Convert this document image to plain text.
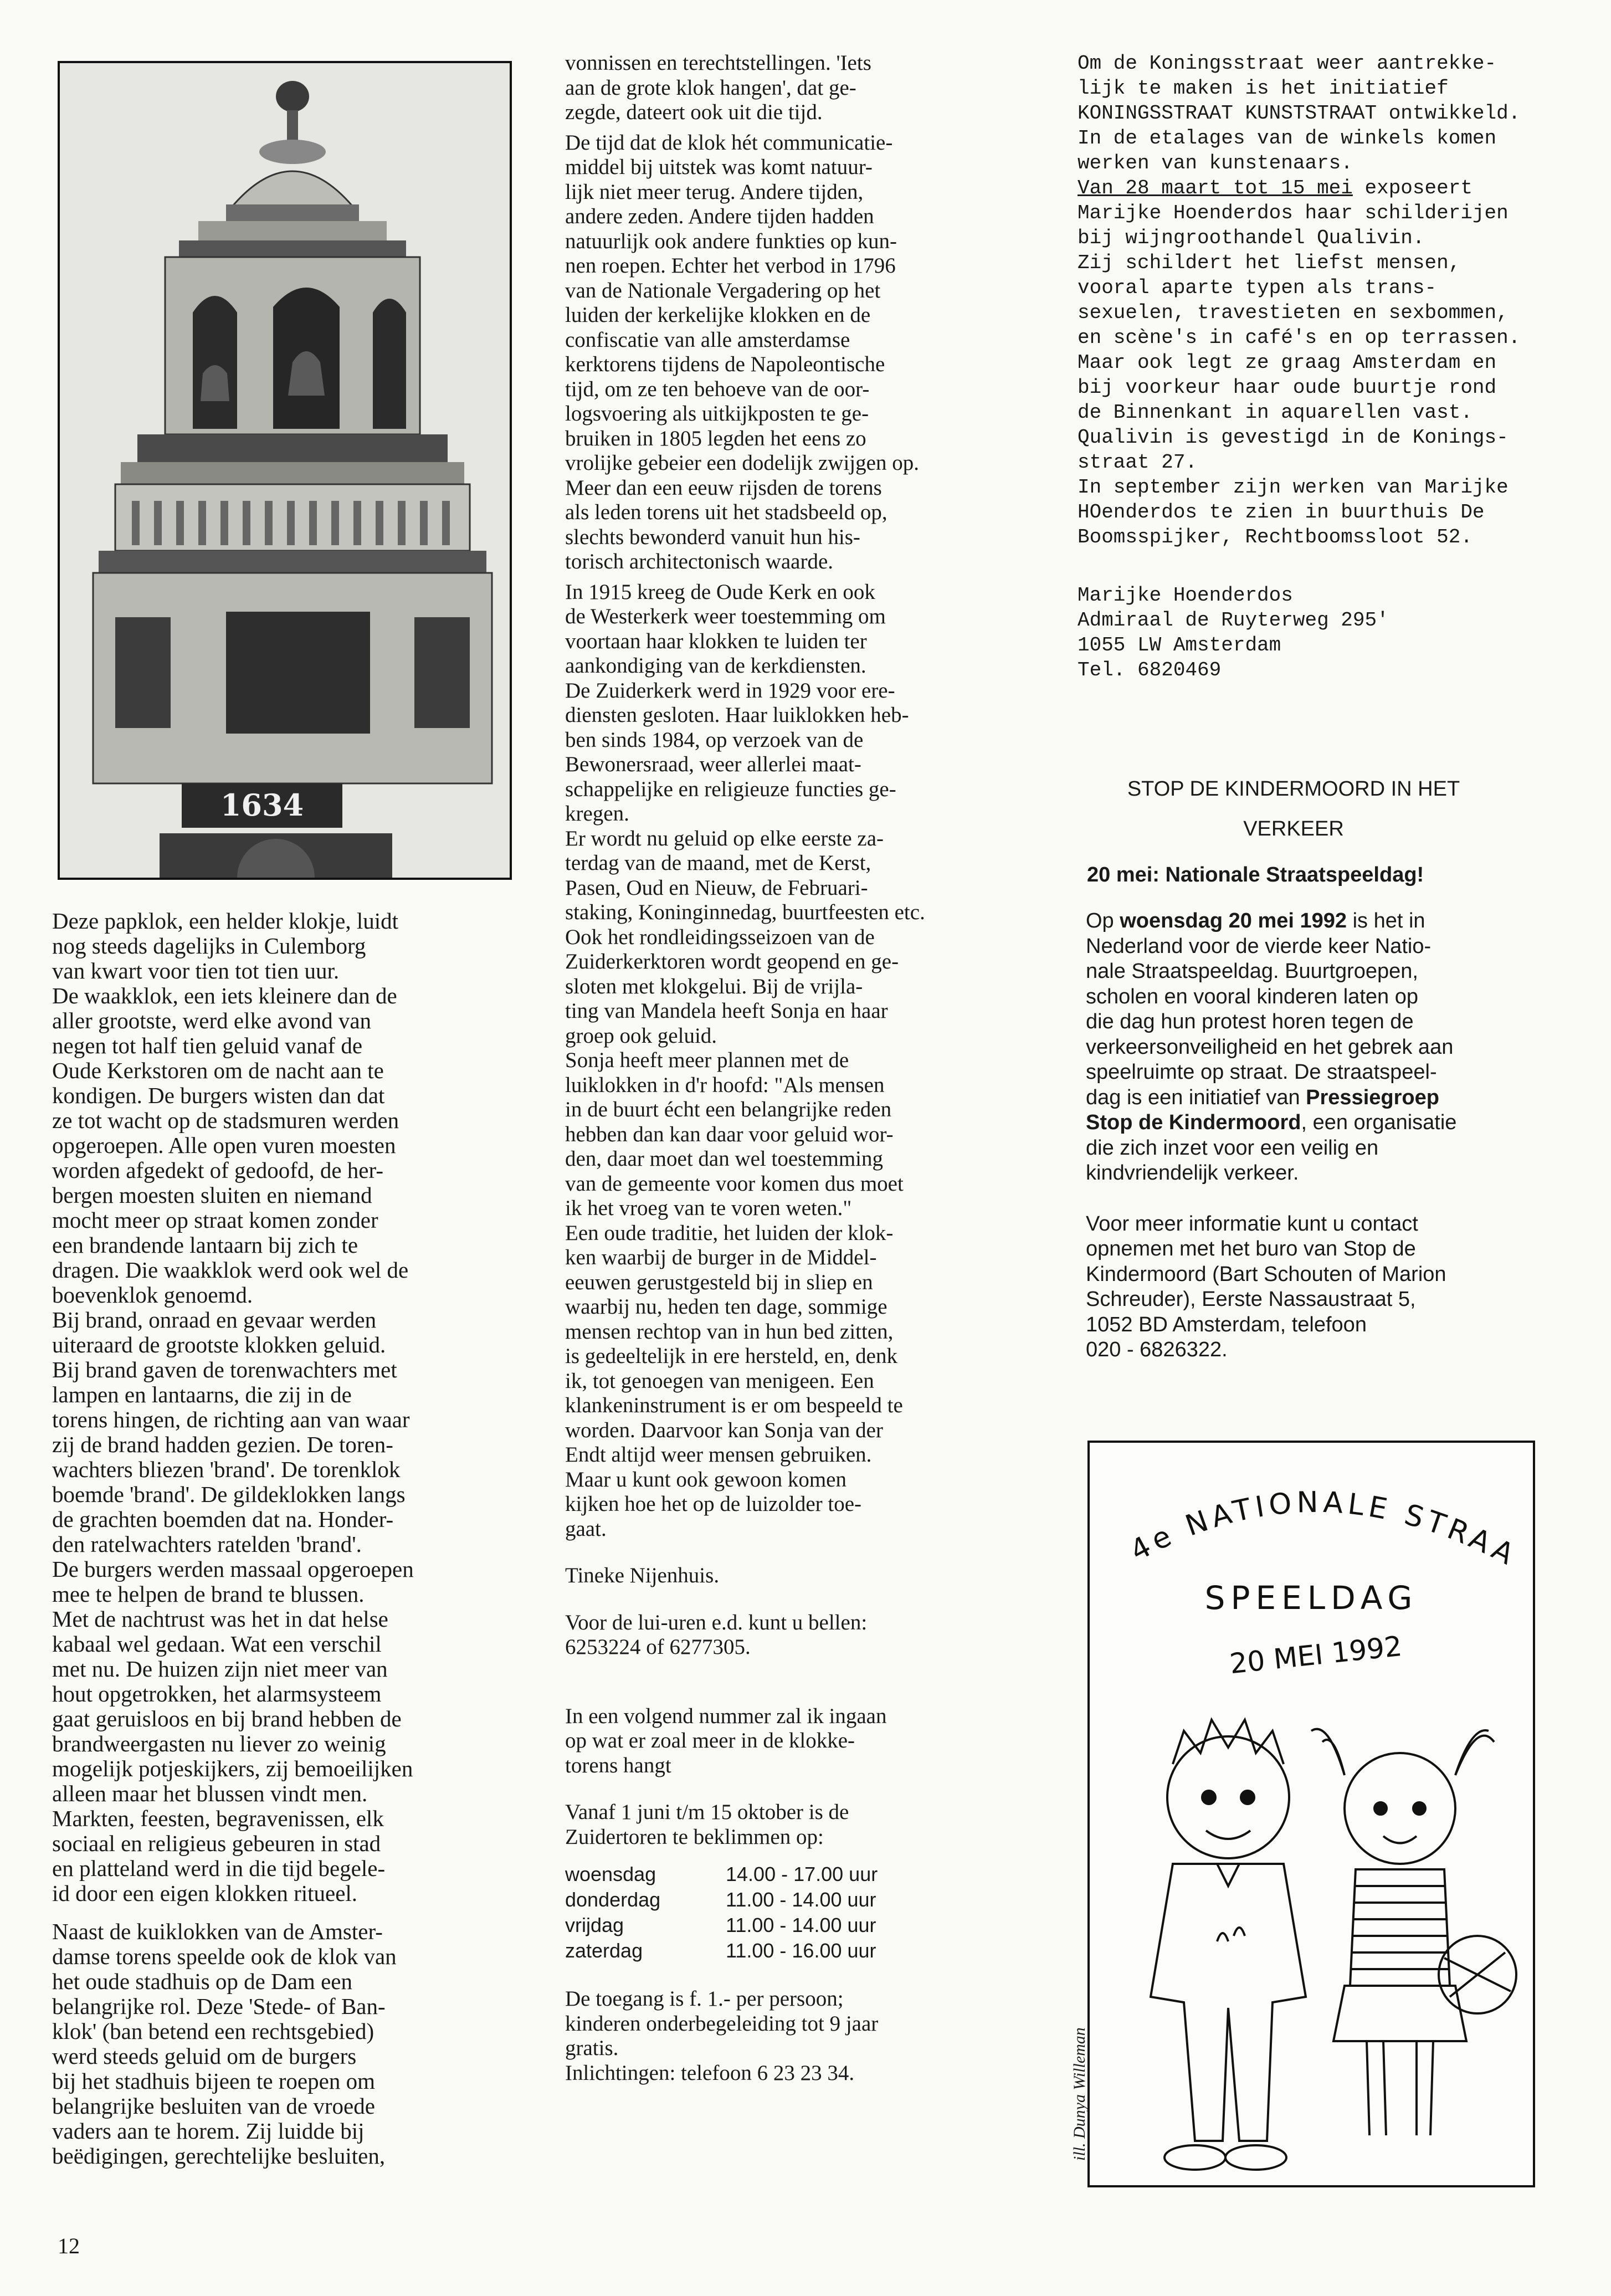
1634

Deze papklok, een helder klokje, luidt
nog steeds dagelijks in Culemborg
van kwart voor tien tot tien uur.
De waakklok, een iets kleinere dan de
aller grootste, werd elke avond van
negen tot half tien geluid vanaf de
Oude Kerkstoren om de nacht aan te
kondigen. De burgers wisten dan dat
ze tot wacht op de stadsmuren werden
opgeroepen. Alle open vuren moesten
worden afgedekt of gedoofd, de her-
bergen moesten sluiten en niemand
mocht meer op straat komen zonder
een brandende lantaarn bij zich te
dragen. Die waakklok werd ook wel de
boevenklok genoemd.
Bij brand, onraad en gevaar werden
uiteraard de grootste klokken geluid.
Bij brand gaven de torenwachters met
lampen en lantaarns, die zij in de
torens hingen, de richting aan van waar
zij de brand hadden gezien. De toren-
wachters bliezen 'brand'. De torenklok
boemde 'brand'. De gildeklokken langs
de grachten boemden dat na. Honder-
den ratelwachters ratelden 'brand'.
De burgers werden massaal opgeroepen
mee te helpen de brand te blussen.
Met de nachtrust was het in dat helse
kabaal wel gedaan. Wat een verschil
met nu. De huizen zijn niet meer van
hout opgetrokken, het alarmsysteem
gaat geruisloos en bij brand hebben de
brandweergasten nu liever zo weinig
mogelijk potjeskijkers, zij bemoeilijken
alleen maar het blussen vindt men.
Markten, feesten, begravenissen, elk
sociaal en religieus gebeuren in stad
en platteland werd in die tijd begele-
id door een eigen klokken ritueel.

Naast de kuiklokken van de Amster-
damse torens speelde ook de klok van
het oude stadhuis op de Dam een
belangrijke rol. Deze 'Stede- of Ban-
klok' (ban betend een rechtsgebied)
werd steeds geluid om de burgers
bij het stadhuis bijeen te roepen om
belangrijke besluiten van de vroede
vaders aan te horem. Zij luidde bij
beëdigingen, gerechtelijke besluiten,

vonnissen en terechtstellingen. 'Iets
aan de grote klok hangen', dat ge-
zegde, dateert ook uit die tijd.

De tijd dat de klok hét communicatie-
middel bij uitstek was komt natuur-
lijk niet meer terug. Andere tijden,
andere zeden. Andere tijden hadden
natuurlijk ook andere funkties op kun-
nen roepen. Echter het verbod in 1796
van de Nationale Vergadering op het
luiden der kerkelijke klokken en de
confiscatie van alle amsterdamse
kerktorens tijdens de Napoleontische
tijd, om ze ten behoeve van de oor-
logsvoering als uitkijkposten te ge-
bruiken in 1805 legden het eens zo
vrolijke gebeier een dodelijk zwijgen op.
Meer dan een eeuw rijsden de torens
als leden torens uit het stadsbeeld op,
slechts bewonderd vanuit hun his-
torisch architectonisch waarde.

In 1915 kreeg de Oude Kerk en ook
de Westerkerk weer toestemming om
voortaan haar klokken te luiden ter
aankondiging van de kerkdiensten.
De Zuiderkerk werd in 1929 voor ere-
diensten gesloten. Haar luiklokken heb-
ben sinds 1984, op verzoek van de
Bewonersraad, weer allerlei maat-
schappelijke en religieuze functies ge-
kregen.
Er wordt nu geluid op elke eerste za-
terdag van de maand, met de Kerst,
Pasen, Oud en Nieuw, de Februari-
staking, Koninginnedag, buurtfeesten etc.
Ook het rondleidingsseizoen van de
Zuiderkerktoren wordt geopend en ge-
sloten met klokgelui. Bij de vrijla-
ting van Mandela heeft Sonja en haar
groep ook geluid.
Sonja heeft meer plannen met de
luiklokken in d'r hoofd: "Als mensen
in de buurt écht een belangrijke reden
hebben dan kan daar voor geluid wor-
den, daar moet dan wel toestemming
van de gemeente voor komen dus moet
ik het vroeg van te voren weten."
Een oude traditie, het luiden der klok-
ken waarbij de burger in de Middel-
eeuwen gerustgesteld bij in sliep en
waarbij nu, heden ten dage, sommige
mensen rechtop van in hun bed zitten,
is gedeeltelijk in ere hersteld, en, denk
ik, tot genoegen van menigeen. Een
klankeninstrument is er om bespeeld te
worden. Daarvoor kan Sonja van der
Endt altijd weer mensen gebruiken.
Maar u kunt ook gewoon komen
kijken hoe het op de luizolder toe-
gaat.

Tineke Nijenhuis.

Voor de lui-uren e.d. kunt u bellen:
6253224 of 6277305.

In een volgend nummer zal ik ingaan
op wat er zoal meer in de klokke-
torens hangt

Vanaf 1 juni t/m 15 oktober is de
Zuidertoren te beklimmen op:

woensdag	14.00 - 17.00 uur
donderdag	11.00 - 14.00 uur
vrijdag	11.00 - 14.00 uur
zaterdag	11.00 - 16.00 uur

De toegang is f. 1.- per persoon;
kinderen onderbegeleiding tot 9 jaar
gratis.
Inlichtingen: telefoon 6 23 23 34.

Om de Koningsstraat weer aantrekke-
lijk te maken is het initiatief
KONINGSSTRAAT KUNSTSTRAAT ontwikkeld.
In de etalages van de winkels komen
werken van kunstenaars.
Van 28 maart tot 15 mei exposeert

Marijke Hoenderdos haar schilderijen
bij wijngroothandel Qualivin.
Zij schildert het liefst mensen,
vooral aparte typen als trans-
sexuelen, travestieten en sexbommen,
en scène's in café's en op terrassen.
Maar ook legt ze graag Amsterdam en
bij voorkeur haar oude buurtje rond
de Binnenkant in aquarellen vast.
Qualivin is gevestigd in de Konings-
straat 27.
In september zijn werken van Marijke
HOenderdos te zien in buurthuis De
Boomsspijker, Rechtboomssloot 52.

Marijke Hoenderdos
Admiraal de Ruyterweg 295'
1055 LW Amsterdam
Tel. 6820469

STOP DE KINDERMOORD IN HET
VERKEER
20 mei: Nationale Straatspeeldag!

Op woensdag 20 mei 1992 is het in
Nederland voor de vierde keer Natio-
nale Straatspeeldag. Buurtgroepen,
scholen en vooral kinderen laten op
die dag hun protest horen tegen de
verkeersonveiligheid en het gebrek aan
speelruimte op straat. De straatspeel-
dag is een initiatief van Pressiegroep
Stop de Kindermoord, een organisatie
die zich inzet voor een veilig en
kindvriendelijk verkeer.

Voor meer informatie kunt u contact
opnemen met het buro van Stop de
Kindermoord (Bart Schouten of Marion
Schreuder), Eerste Nassaustraat 5,
1052 BD Amsterdam, telefoon
020 - 6826322.

4e NATIONALE STRAA
SPEELDAG
20 MEI 1992
ill. Dunya Willeman
12
